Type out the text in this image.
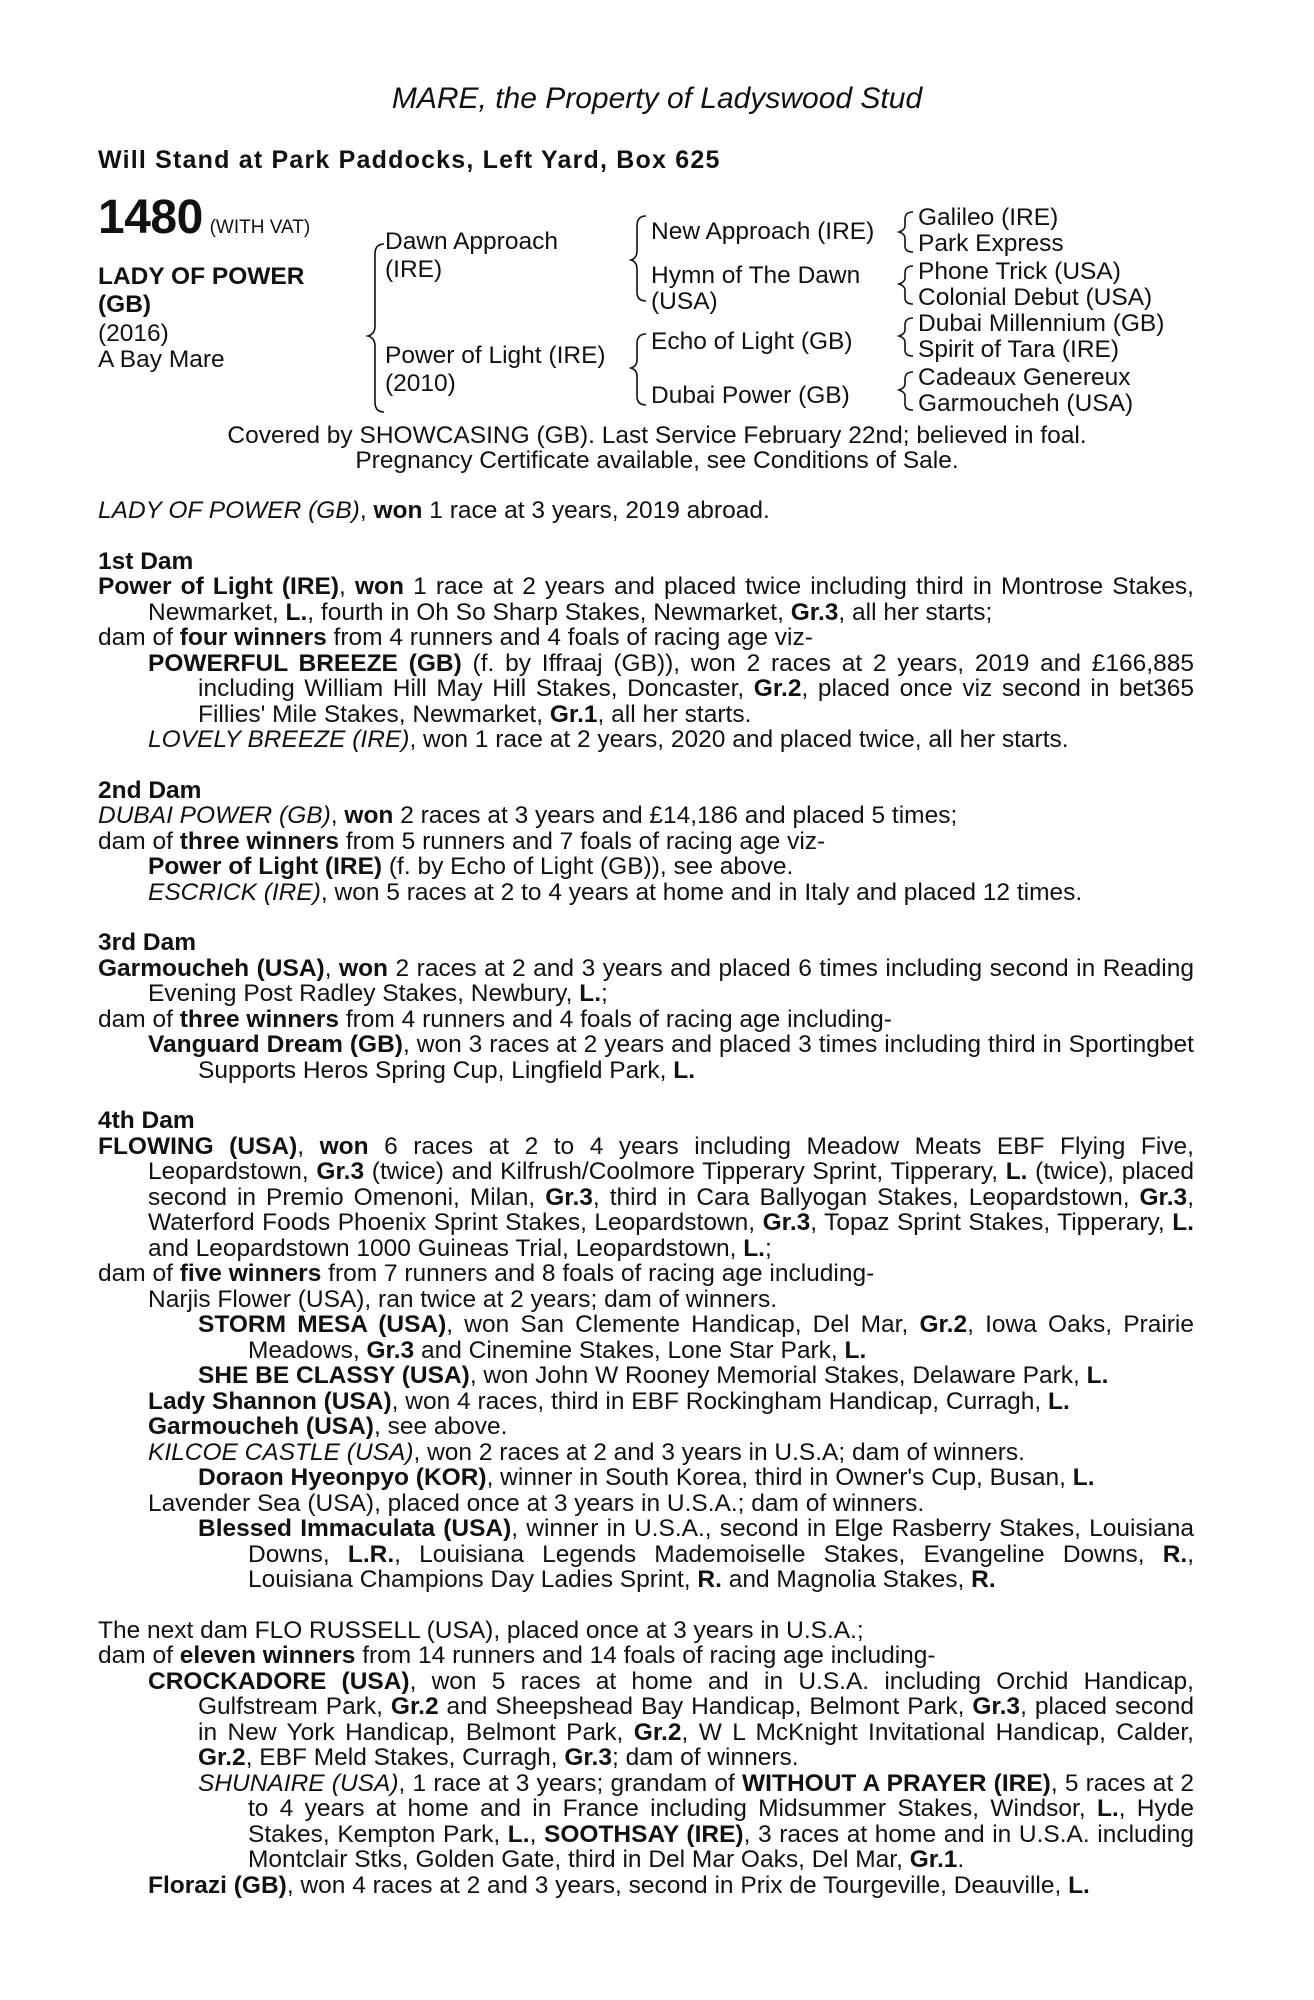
MARE, the Property of Ladyswood Stud
Will Stand at Park Paddocks, Left Yard, Box 625
1480 (WITH VAT)
LADY OF POWER
(GB)
(2016)
A Bay Mare
Dawn Approach
(IRE)
Power of Light (IRE)
(2010)
New Approach (IRE)
Hymn of The Dawn
(USA)
Echo of Light (GB)
Dubai Power (GB)
Galileo (IRE)
Park Express
Phone Trick (USA)
Colonial Debut (USA)
Dubai Millennium (GB)
Spirit of Tara (IRE)
Cadeaux Genereux
Garmoucheh (USA)
Covered by SHOWCASING (GB). Last Service February 22nd; believed in foal.
Pregnancy Certificate available, see Conditions of Sale.

LADY OF POWER (GB), won 1 race at 3 years, 2019 abroad.

1st Dam

Power of Light (IRE), won 1 race at 2 years and placed twice including third in Montrose Stakes, Newmarket, L., fourth in Oh So Sharp Stakes, Newmarket, Gr.3, all her starts;

dam of four winners from 4 runners and 4 foals of racing age viz-

POWERFUL BREEZE (GB) (f. by Iffraaj (GB)), won 2 races at 2 years, 2019 and £166,885 including William Hill May Hill Stakes, Doncaster, Gr.2, placed once viz second in bet365 Fillies' Mile Stakes, Newmarket, Gr.1, all her starts.

LOVELY BREEZE (IRE), won 1 race at 2 years, 2020 and placed twice, all her starts.

2nd Dam

DUBAI POWER (GB), won 2 races at 3 years and £14,186 and placed 5 times;

dam of three winners from 5 runners and 7 foals of racing age viz-

Power of Light (IRE) (f. by Echo of Light (GB)), see above.

ESCRICK (IRE), won 5 races at 2 to 4 years at home and in Italy and placed 12 times.

3rd Dam

Garmoucheh (USA), won 2 races at 2 and 3 years and placed 6 times including second in Reading Evening Post Radley Stakes, Newbury, L.;

dam of three winners from 4 runners and 4 foals of racing age including-

Vanguard Dream (GB), won 3 races at 2 years and placed 3 times including third in Sportingbet Supports Heros Spring Cup, Lingfield Park, L.

4th Dam

FLOWING (USA), won 6 races at 2 to 4 years including Meadow Meats EBF Flying Five, Leopardstown, Gr.3 (twice) and Kilfrush/Coolmore Tipperary Sprint, Tipperary, L. (twice), placed second in Premio Omenoni, Milan, Gr.3, third in Cara Ballyogan Stakes, Leopardstown, Gr.3, Waterford Foods Phoenix Sprint Stakes, Leopardstown, Gr.3, Topaz Sprint Stakes, Tipperary, L. and Leopardstown 1000 Guineas Trial, Leopardstown, L.;

dam of five winners from 7 runners and 8 foals of racing age including-

Narjis Flower (USA), ran twice at 2 years; dam of winners.

STORM MESA (USA), won San Clemente Handicap, Del Mar, Gr.2, Iowa Oaks, Prairie Meadows, Gr.3 and Cinemine Stakes, Lone Star Park, L.

SHE BE CLASSY (USA), won John W Rooney Memorial Stakes, Delaware Park, L.

Lady Shannon (USA), won 4 races, third in EBF Rockingham Handicap, Curragh, L.

Garmoucheh (USA), see above.

KILCOE CASTLE (USA), won 2 races at 2 and 3 years in U.S.A; dam of winners.

Doraon Hyeonpyo (KOR), winner in South Korea, third in Owner's Cup, Busan, L.

Lavender Sea (USA), placed once at 3 years in U.S.A.; dam of winners.

Blessed Immaculata (USA), winner in U.S.A., second in Elge Rasberry Stakes, Louisiana Downs, L.R., Louisiana Legends Mademoiselle Stakes, Evangeline Downs, R., Louisiana Champions Day Ladies Sprint, R. and Magnolia Stakes, R.

The next dam FLO RUSSELL (USA), placed once at 3 years in U.S.A.;

dam of eleven winners from 14 runners and 14 foals of racing age including-

CROCKADORE (USA), won 5 races at home and in U.S.A. including Orchid Handicap, Gulfstream Park, Gr.2 and Sheepshead Bay Handicap, Belmont Park, Gr.3, placed second in New York Handicap, Belmont Park, Gr.2, W L McKnight Invitational Handicap, Calder, Gr.2, EBF Meld Stakes, Curragh, Gr.3; dam of winners.

SHUNAIRE (USA), 1 race at 3 years; grandam of WITHOUT A PRAYER (IRE), 5 races at 2 to 4 years at home and in France including Midsummer Stakes, Windsor, L., Hyde Stakes, Kempton Park, L., SOOTHSAY (IRE), 3 races at home and in U.S.A. including Montclair Stks, Golden Gate, third in Del Mar Oaks, Del Mar, Gr.1.

Florazi (GB), won 4 races at 2 and 3 years, second in Prix de Tourgeville, Deauville, L.
